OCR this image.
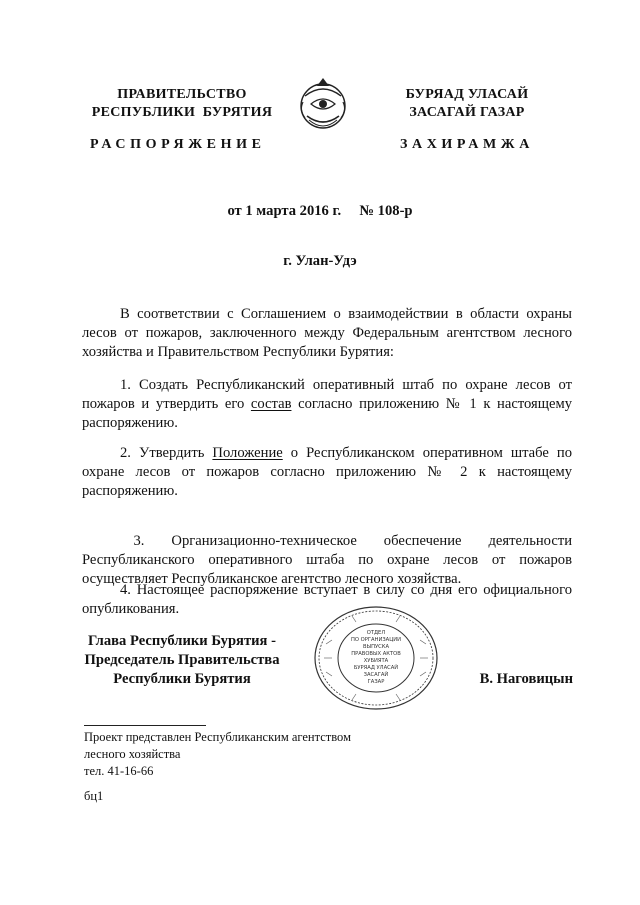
ПРАВИТЕЛЬСТВО
РЕСПУБЛИКИ  БУРЯТИЯ
РАСПОРЯЖЕНИЕ
БУРЯАД УЛАСАЙ
ЗАСАГАЙ ГАЗАР
ЗАХИРАМЖА
от 1 марта 2016 г.     № 108-р
г. Улан-Удэ
В соответствии с Соглашением о взаимодействии в области охраны лесов от пожаров, заключенного между Федеральным агентством лесного хозяйства и Правительством Республики Бурятия:
1. Создать Республиканский оперативный штаб по охране лесов от пожаров и утвердить его состав согласно приложению № 1 к настоящему распоряжению.
2. Утвердить Положение о Республиканском оперативном штабе по охране лесов от пожаров согласно приложению № 2 к настоящему распоряжению.

3.    Организационно-техническое    обеспечение    деятельности Республиканского оперативного штаба по охране лесов от пожаров осуществляет Республиканское агентство лесного хозяйства.

4. Настоящее распоряжение вступает в силу со дня его официального опубликования.
Глава Республики Бурятия -
Председатель Правительства
Республики Бурятия
ОТДЕЛ
ПО ОРГАНИЗАЦИИ
ВЫПУСКА
ПРАВОВЫХ АКТОВ
ХУБИЯТА
БУРЯАД УЛАСАЙ
ЗАСАГАЙ
ГАЗАР	В. Наговицын
Проект представлен Республиканским агентством
лесного хозяйства
тел. 41-16-66
бц1
